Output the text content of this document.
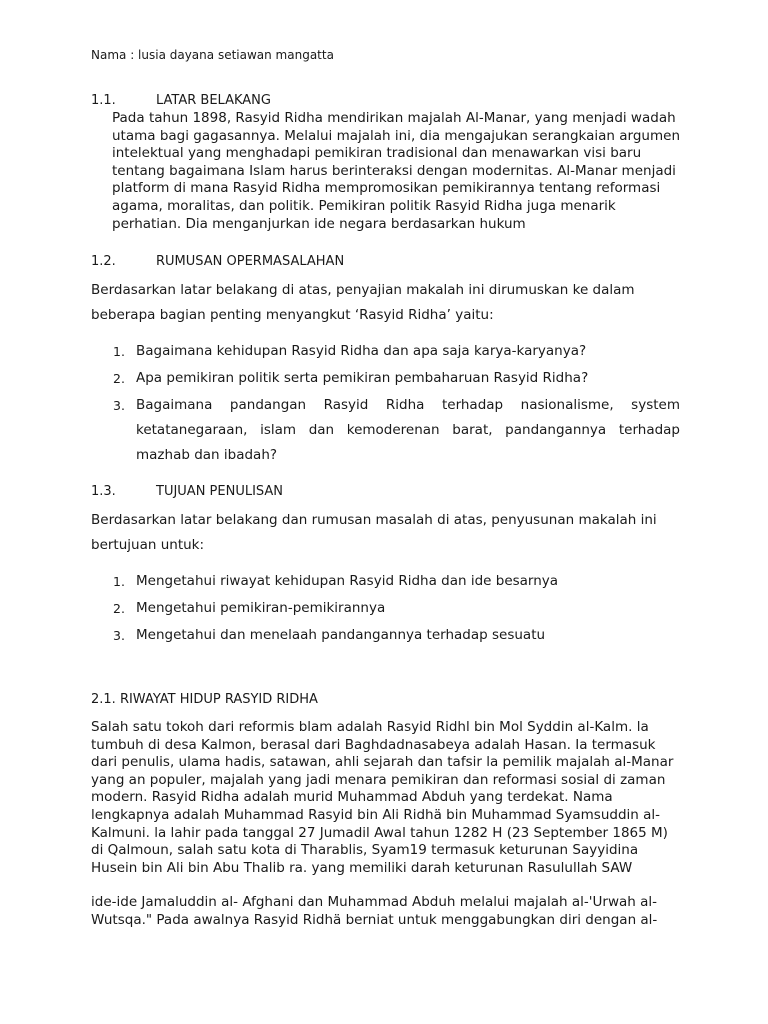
Nama : lusia dayana setiawan mangatta
1.1.	LATAR BELAKANG
Pada tahun 1898, Rasyid Ridha mendirikan majalah Al-Manar, yang menjadi wadah utama bagi gagasannya. Melalui majalah ini, dia mengajukan serangkaian argumen intelektual yang menghadapi pemikiran tradisional dan menawarkan visi baru tentang bagaimana Islam harus berinteraksi dengan modernitas. Al-Manar menjadi platform di mana Rasyid Ridha mempromosikan pemikirannya tentang reformasi agama, moralitas, dan politik. Pemikiran politik Rasyid Ridha juga menarik perhatian. Dia menganjurkan ide negara berdasarkan hukum
1.2.	RUMUSAN OPERMASALAHAN
Berdasarkan latar belakang di atas, penyajian makalah ini dirumuskan ke dalam beberapa bagian penting menyangkut ‘Rasyid Ridha’ yaitu:
1. Bagaimana kehidupan Rasyid Ridha dan apa saja karya-karyanya?
2. Apa pemikiran politik serta pemikiran pembaharuan Rasyid Ridha?
3. Bagaimana pandangan Rasyid Ridha terhadap nasionalisme, system ketatanegaraan, islam dan kemoderenan barat, pandangannya terhadap mazhab dan ibadah?
1.3.	TUJUAN PENULISAN
Berdasarkan latar belakang dan rumusan masalah di atas, penyusunan makalah ini bertujuan untuk:
1. Mengetahui riwayat kehidupan Rasyid Ridha dan ide besarnya
2. Mengetahui pemikiran-pemikirannya
3. Mengetahui dan menelaah pandangannya terhadap sesuatu
2.1. RIWAYAT HIDUP RASYID RIDHA
Salah satu tokoh dari reformis blam adalah Rasyid Ridhl bin Mol Syddin al-Kalm. la tumbuh di desa Kalmon, berasal dari Baghdadnasabeya adalah Hasan. Ia termasuk dari penulis, ulama hadis, satawan, ahli sejarah dan tafsir la pemilik majalah al-Manar yang an populer, majalah yang jadi menara pemikiran dan reformasi sosial di zaman modern. Rasyid Ridha adalah murid Muhammad Abduh yang terdekat. Nama lengkapnya adalah Muhammad Rasyid bin Ali Ridhä bin Muhammad Syamsuddin al-Kalmuni. la lahir pada tanggal 27 Jumadil Awal tahun 1282 H (23 September 1865 M) di Qalmoun, salah satu kota di Tharablis, Syam19 termasuk keturunan Sayyidina Husein bin Ali bin Abu Thalib ra. yang memiliki darah keturunan Rasulullah SAW
ide-ide Jamaluddin al- Afghani dan Muhammad Abduh melalui majalah al-'Urwah al-Wutsqa." Pada awalnya Rasyid Ridhä berniat untuk menggabungkan diri dengan al-
